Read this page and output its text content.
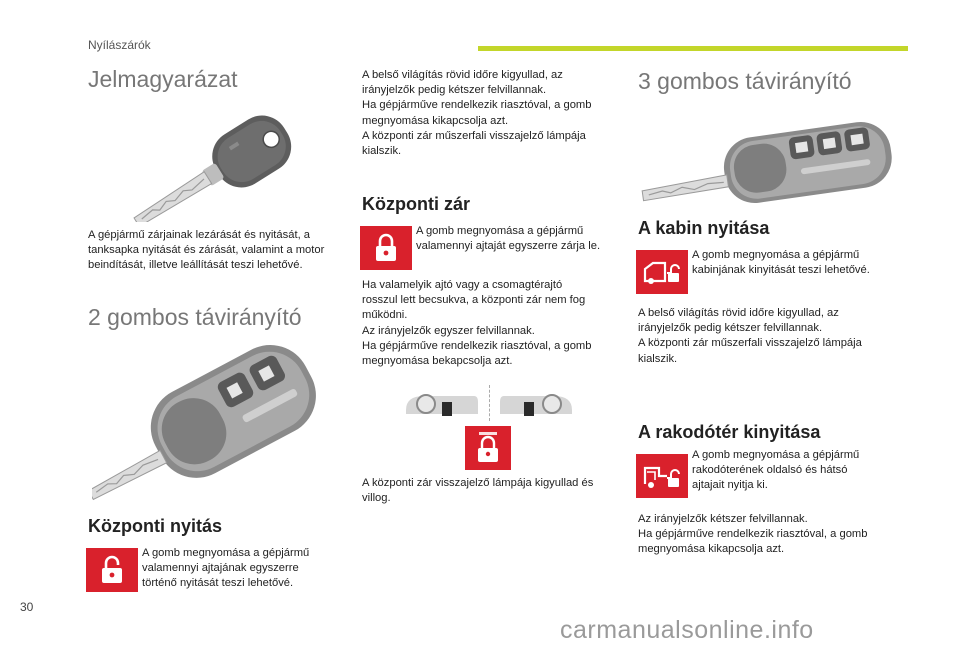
Nyílászárók
Jelmagyarázat

A gépjármű zárjainak lezárását és nyitását, a
tanksapka nyitását és zárását, valamint a motor
beindítását, illetve leállítását teszi lehetővé.

2 gombos távirányító
Központi nyitás

A gomb megnyomása a gépjármű
valamennyi ajtajának egyszerre
történő nyitását teszi lehetővé.

A belső világítás rövid időre kigyullad, az
irányjelzők pedig kétszer felvillannak.
Ha gépjárműve rendelkezik riasztóval, a gomb
megnyomása kikapcsolja azt.
A központi zár műszerfali visszajelző lámpája
kialszik.

Központi zár

A gomb megnyomása a gépjármű
valamennyi ajtaját egyszerre zárja le.

Ha valamelyik ajtó vagy a csomagtérajtó
rosszul lett becsukva, a központi zár nem fog
működni.
Az irányjelzők egyszer felvillannak.
Ha gépjárműve rendelkezik riasztóval, a gomb
megnyomása bekapcsolja azt.

A központi zár visszajelző lámpája kigyullad és
villog.

3 gombos távirányító
A kabin nyitása

A gomb megnyomása a gépjármű
kabinjának kinyitását teszi lehetővé.

A belső világítás rövid időre kigyullad, az
irányjelzők pedig kétszer felvillannak.
A központi zár műszerfali visszajelző lámpája
kialszik.

A rakodótér kinyitása

A gomb megnyomása a gépjármű
rakodóterének oldalsó és hátsó
ajtajait nyitja ki.

Az irányjelzők kétszer felvillannak.
Ha gépjárműve rendelkezik riasztóval, a gomb
megnyomása kikapcsolja azt.

30
carmanualsonline.info
